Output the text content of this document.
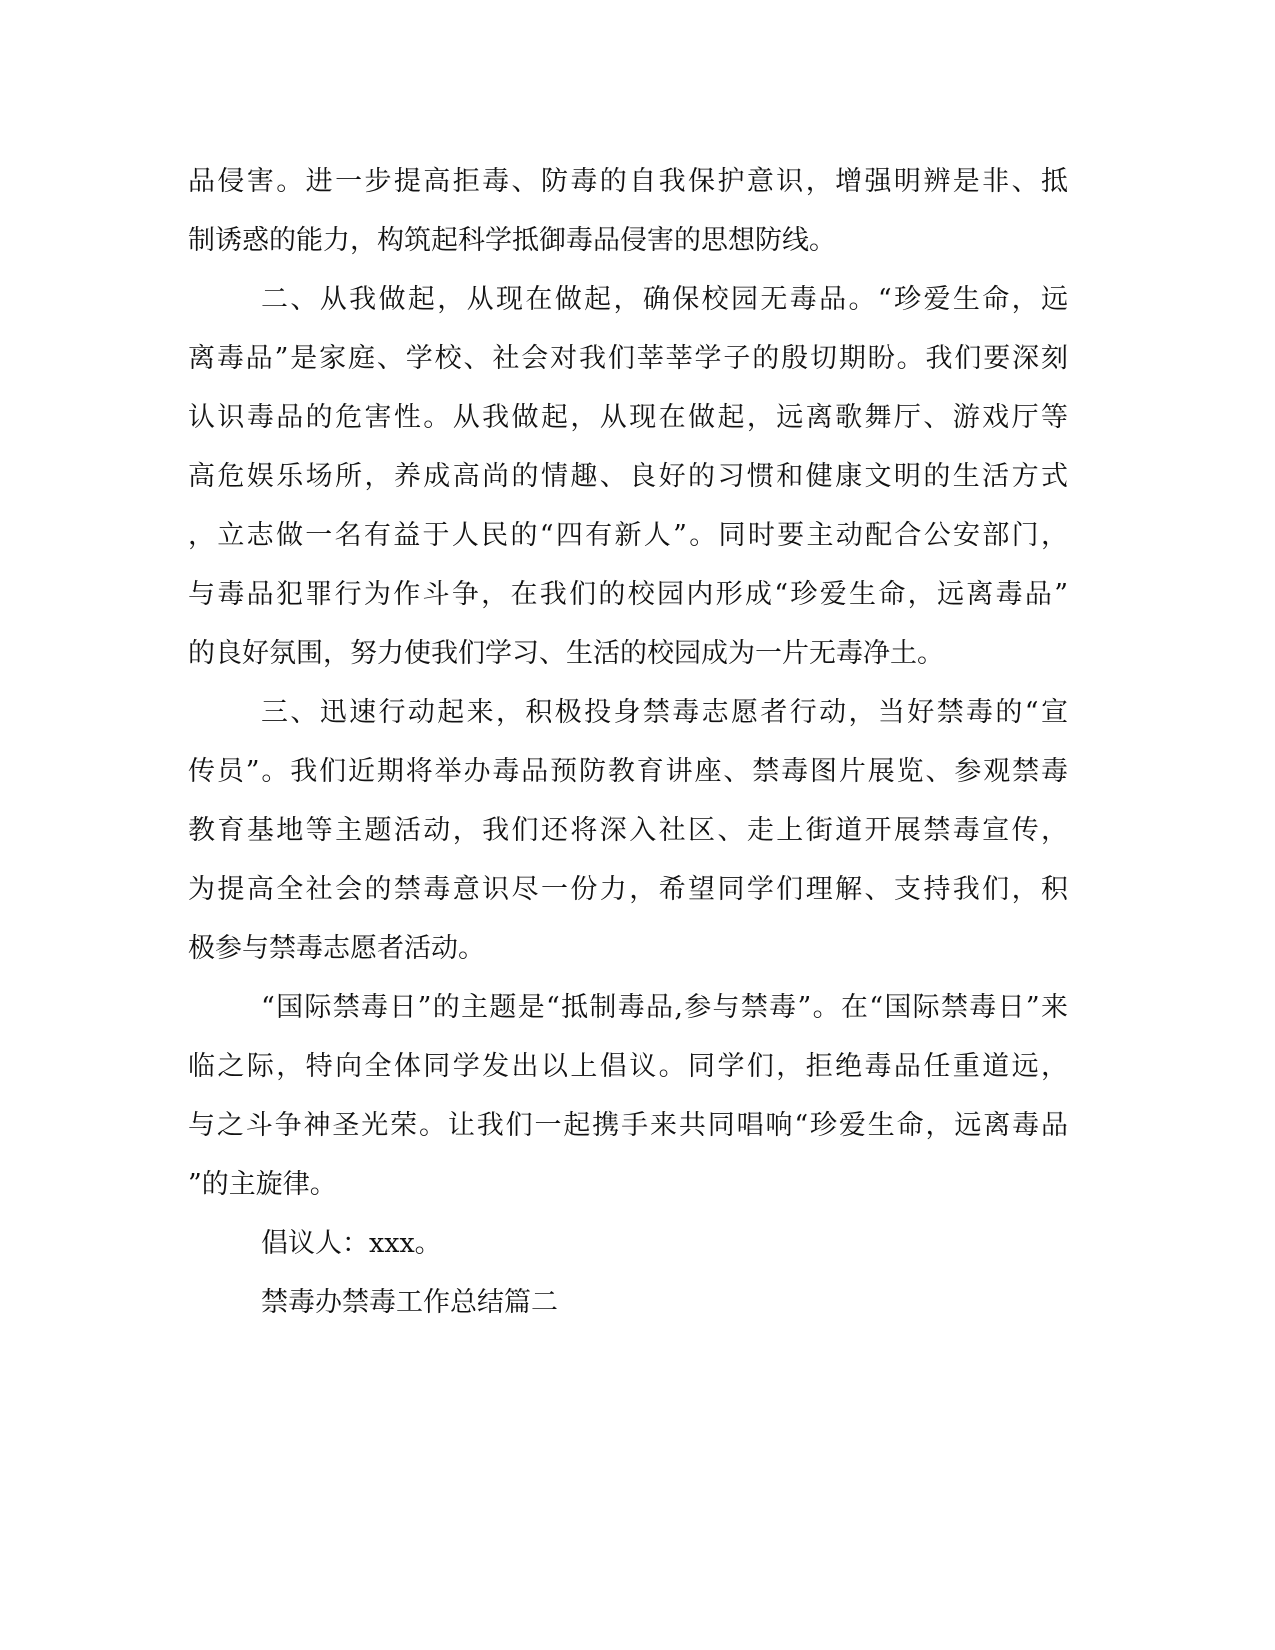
品侵害。进一步提高拒毒、防毒的自我保护意识，增强明辨是非、抵
制诱惑的能力，构筑起科学抵御毒品侵害的思想防线。
二、从我做起，从现在做起，确保校园无毒品。“珍爱生命，远
离毒品”是家庭、学校、社会对我们莘莘学子的殷切期盼。我们要深刻
认识毒品的危害性。从我做起，从现在做起，远离歌舞厅、游戏厅等
高危娱乐场所，养成高尚的情趣、良好的习惯和健康文明的生活方式
，立志做一名有益于人民的“四有新人”。同时要主动配合公安部门，
与毒品犯罪行为作斗争，在我们的校园内形成“珍爱生命，远离毒品”
的良好氛围，努力使我们学习、生活的校园成为一片无毒净土。
三、迅速行动起来，积极投身禁毒志愿者行动，当好禁毒的“宣
传员”。我们近期将举办毒品预防教育讲座、禁毒图片展览、参观禁毒
教育基地等主题活动，我们还将深入社区、走上街道开展禁毒宣传，
为提高全社会的禁毒意识尽一份力，希望同学们理解、支持我们，积
极参与禁毒志愿者活动。
“国际禁毒日”的主题是“抵制毒品,参与禁毒”。在“国际禁毒日”来
临之际，特向全体同学发出以上倡议。同学们，拒绝毒品任重道远，
与之斗争神圣光荣。让我们一起携手来共同唱响“珍爱生命，远离毒品
”的主旋律。
倡议人：xxx。
禁毒办禁毒工作总结篇二
